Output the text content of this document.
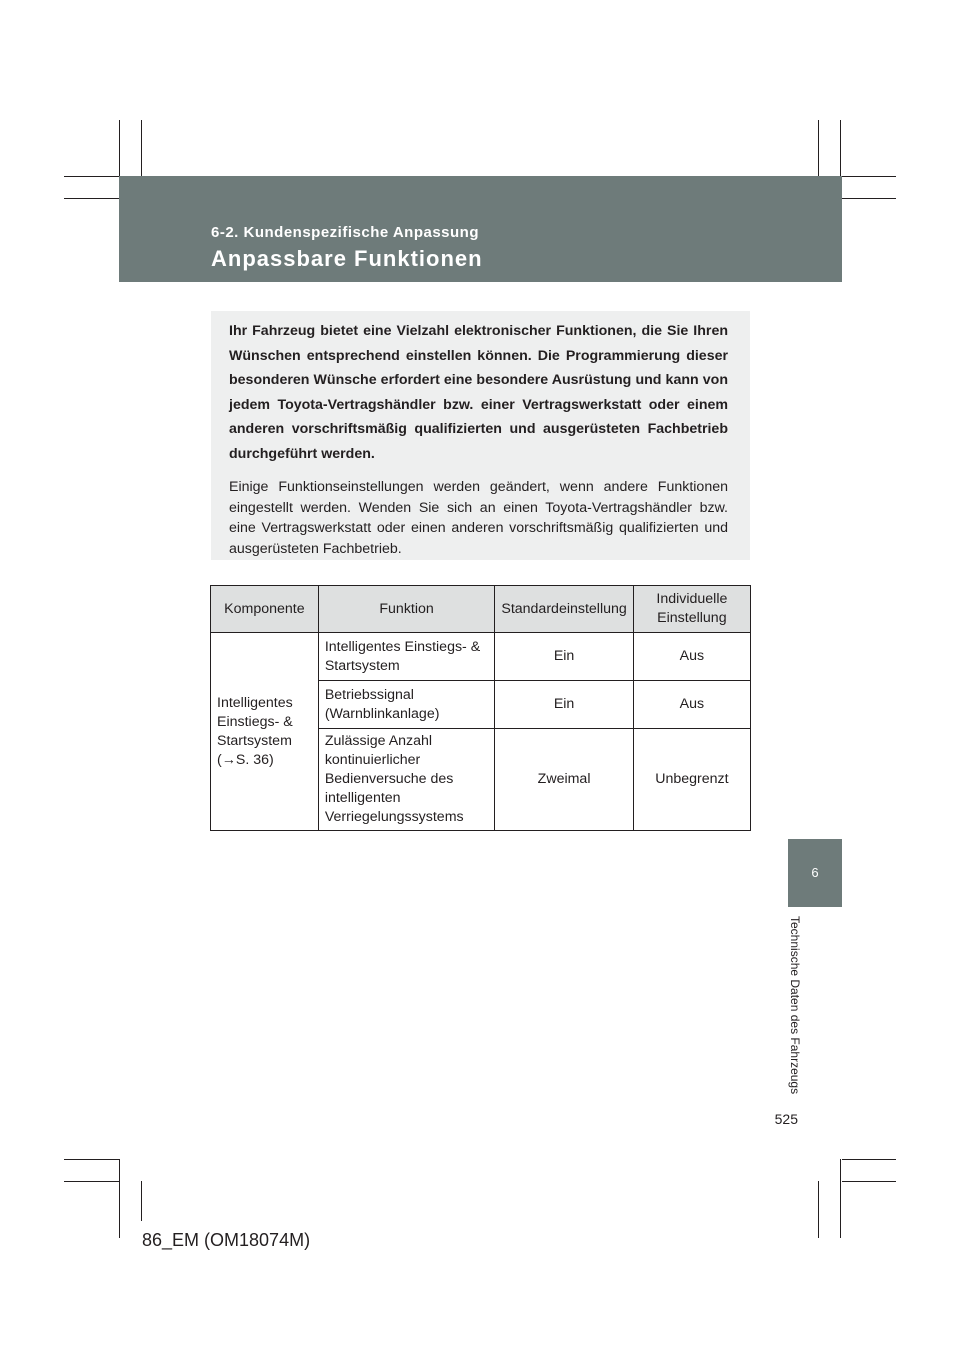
6-2. Kundenspezifische Anpassung
Anpassbare Funktionen

Ihr Fahrzeug bietet eine Vielzahl elektronischer Funktionen, die Sie Ihren Wünschen entsprechend einstellen können. Die Programmierung dieser besonderen Wünsche erfordert eine besondere Ausrüstung und kann von jedem Toyota-Vertragshändler bzw. einer Vertragswerkstatt oder einem anderen vorschriftsmäßig qualifizierten und ausgerüsteten Fachbetrieb durchgeführt werden.

Einige Funktionseinstellungen werden geändert, wenn andere Funktionen eingestellt werden. Wenden Sie sich an einen Toyota-Vertragshändler bzw. eine Vertragswerkstatt oder einen anderen vorschriftsmäßig qualifizierten und ausgerüsteten Fachbetrieb.

Komponente	Funktion	Standardeinstellung	Individuelle Einstellung
Intelligentes Einstiegs- & Startsystem (→S. 36)	Intelligentes Einstiegs- & Startsystem	Ein	Aus
	Betriebssignal (Warnblinkanlage)	Ein	Aus
	Zulässige Anzahl kontinuierlicher Bedienversuche des intelligenten Verriegelungssystems	Zweimal	Unbegrenzt
6
Technische Daten des Fahrzeugs
525
86_EM (OM18074M)
